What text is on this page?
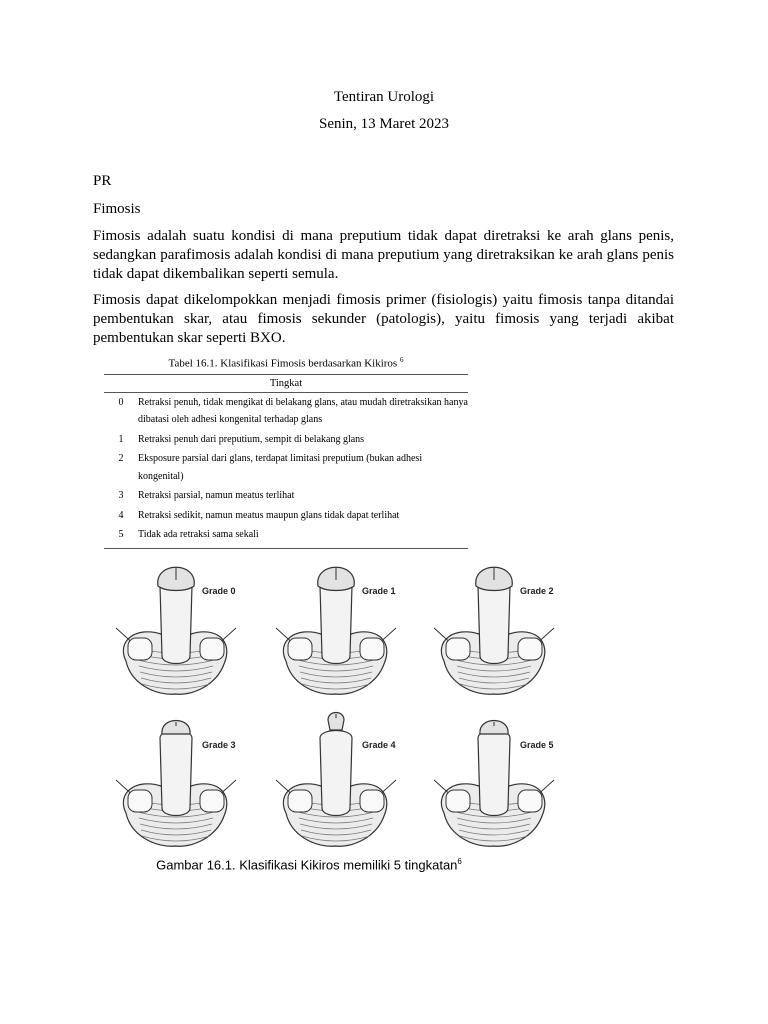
Tentiran Urologi
Senin, 13 Maret 2023
PR
Fimosis
Fimosis adalah suatu kondisi di mana preputium tidak dapat diretraksi ke arah glans penis, sedangkan parafimosis adalah kondisi di mana preputium yang diretraksikan ke arah glans penis tidak dapat dikembalikan seperti semula.
Fimosis dapat dikelompokkan menjadi fimosis primer (fisiologis) yaitu fimosis tanpa ditandai pembentukan skar, atau fimosis sekunder (patologis), yaitu fimosis yang terjadi akibat pembentukan skar seperti BXO.
Tabel 16.1. Klasifikasi Fimosis berdasarkan Kikiros $^6$
Tingkat	
0	Retraksi penuh, tidak mengikat di belakang glans, atau mudah diretraksikan hanya dibatasi oleh adhesi kongenital terhadap glans
1	Retraksi penuh dari preputium, sempit di belakang glans
2	Eksposure parsial dari glans, terdapat limitasi preputium (bukan adhesi kongenital)
3	Retraksi parsial, namun meatus terlihat
4	Retraksi sedikit, namun meatus maupun glans tidak dapat terlihat
5	Tidak ada retraksi sama sekali
Grade 0	Grade 1	Grade 2
Grade 3	Grade 4	Grade 5
Gambar 16.1. Klasifikasi Kikiros memiliki 5 tingkatan$^6$
